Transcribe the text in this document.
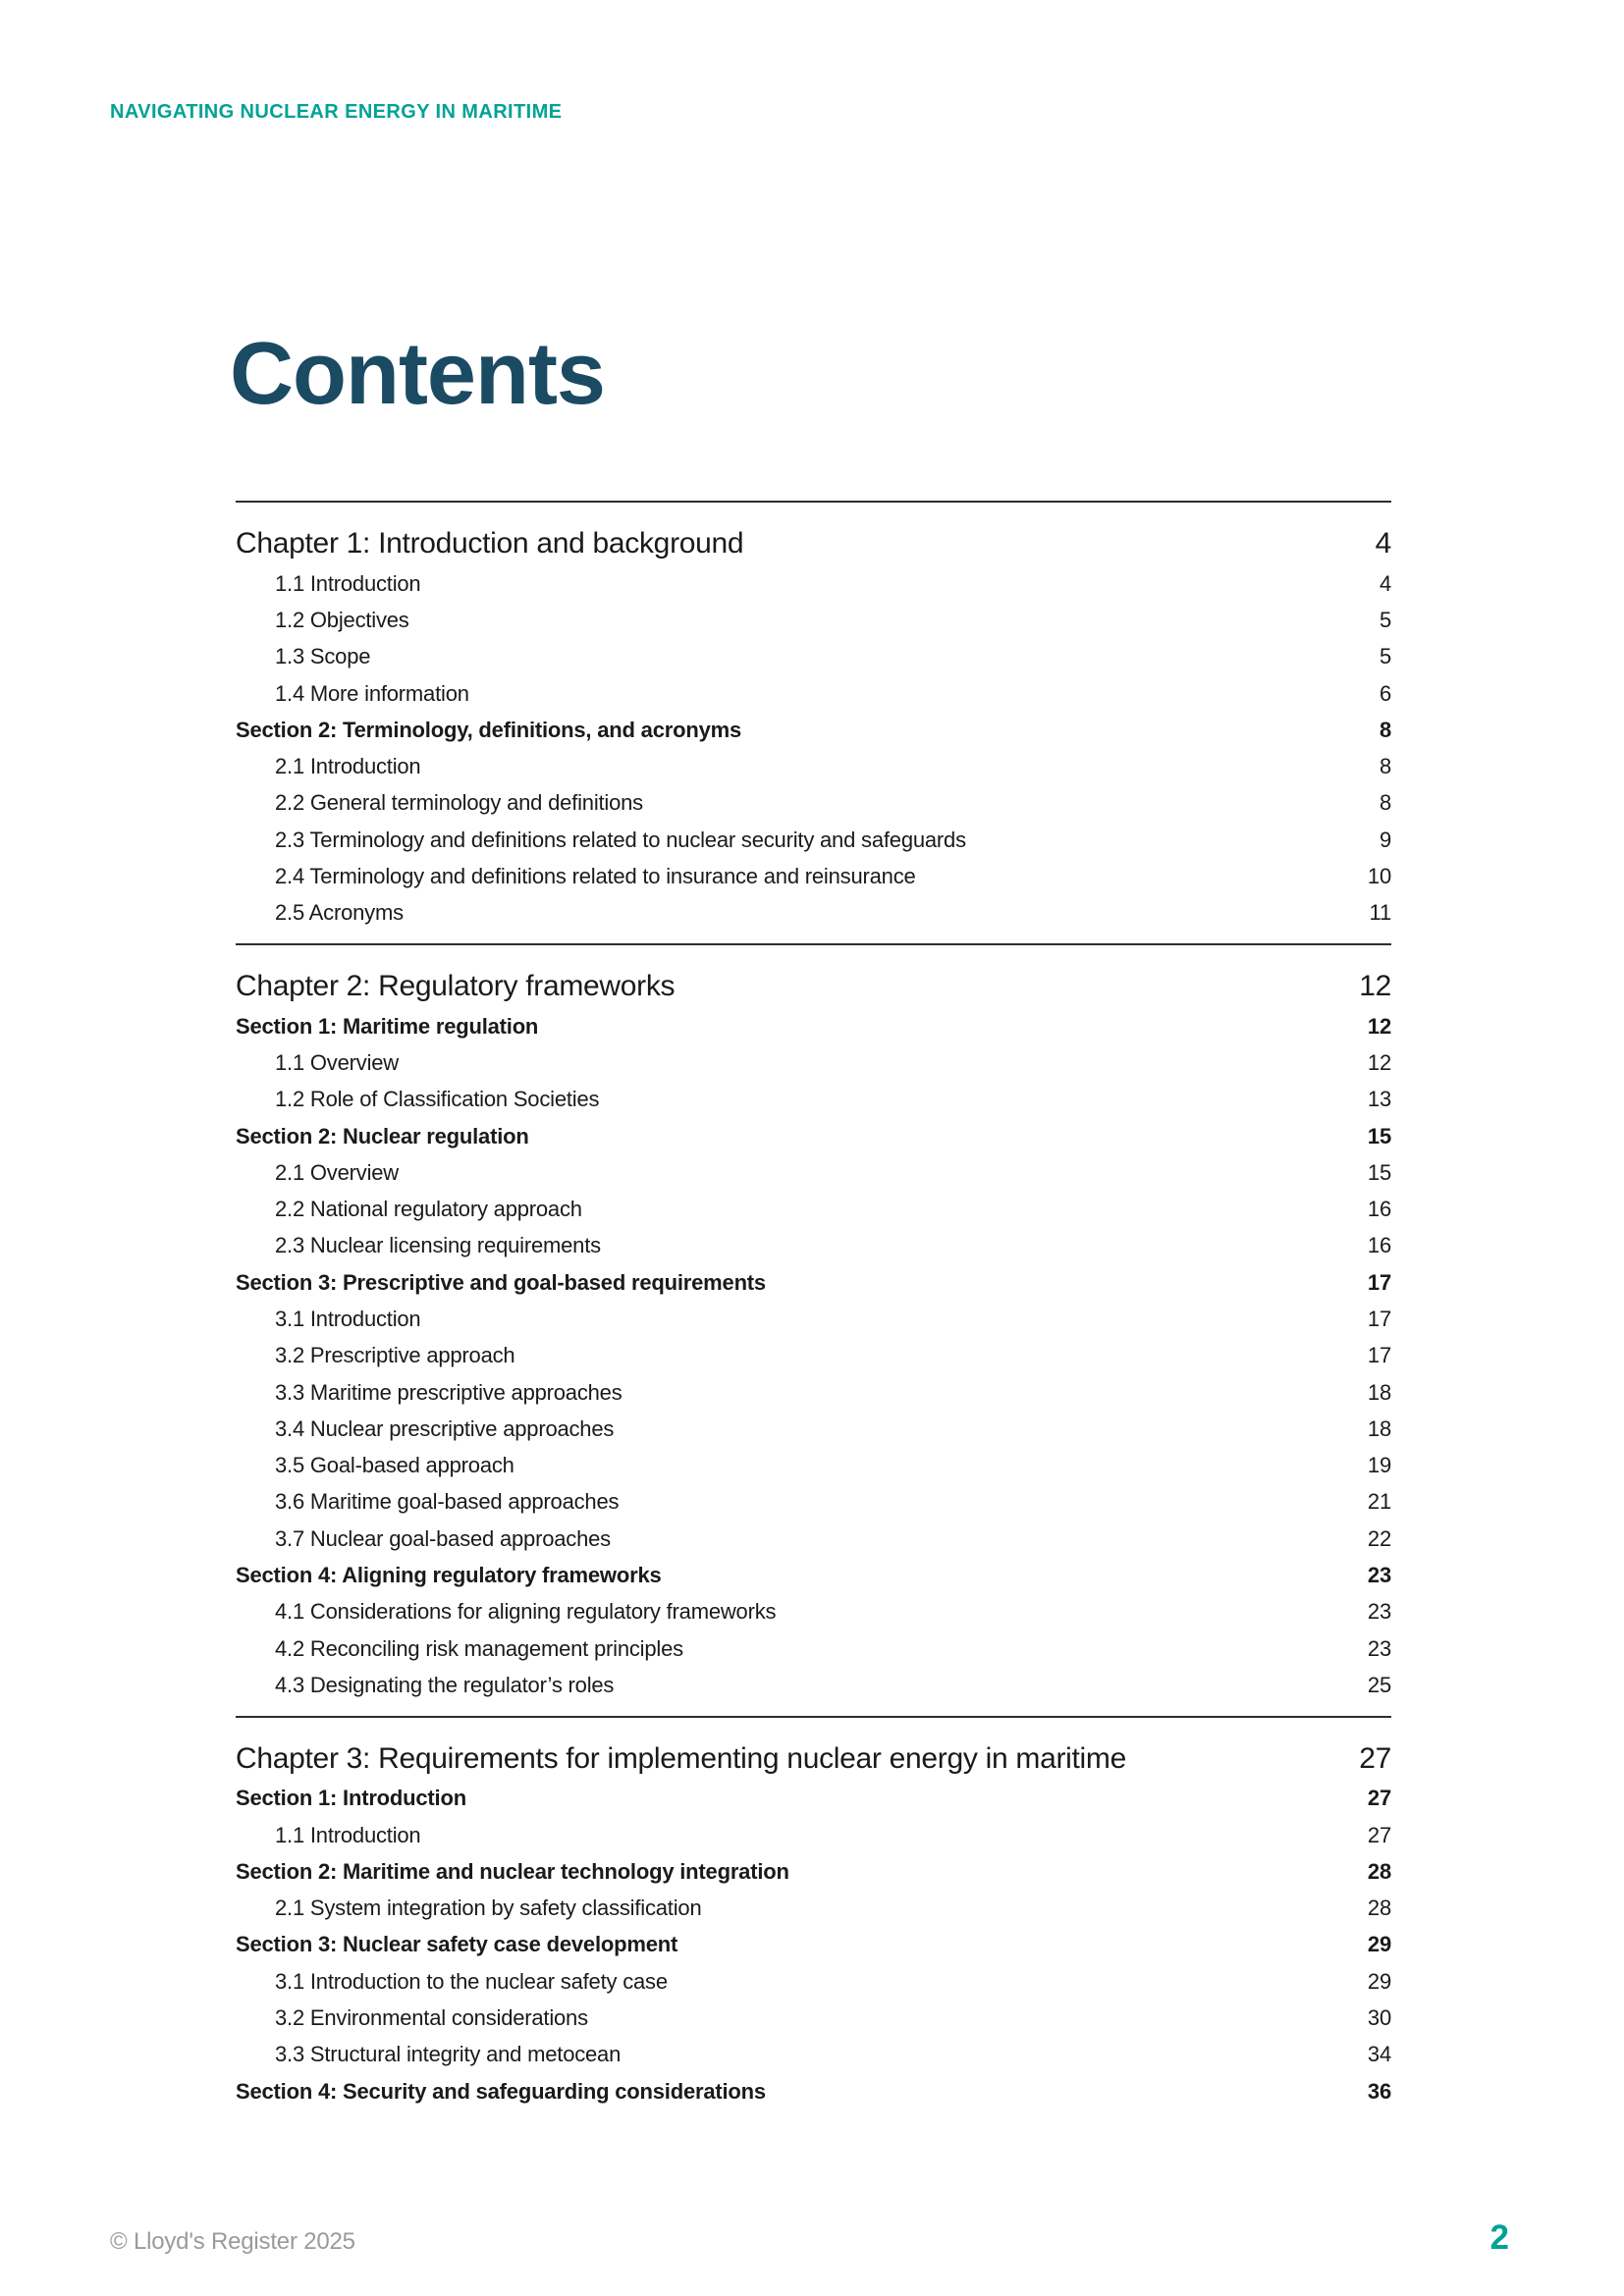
NAVIGATING NUCLEAR ENERGY IN MARITIME
Contents
Chapter 1: Introduction and background	4
1.1 Introduction	4
1.2 Objectives	5
1.3 Scope	5
1.4 More information	6
Section 2: Terminology, definitions, and acronyms	8
2.1 Introduction	8
2.2 General terminology and definitions	8
2.3 Terminology and definitions related to nuclear security and safeguards	9
2.4 Terminology and definitions related to insurance and reinsurance	10
2.5 Acronyms	11
Chapter 2: Regulatory frameworks	12
Section 1: Maritime regulation	12
1.1 Overview	12
1.2 Role of Classification Societies	13
Section 2: Nuclear regulation	15
2.1 Overview	15
2.2 National regulatory approach	16
2.3 Nuclear licensing requirements	16
Section 3: Prescriptive and goal-based requirements	17
3.1 Introduction	17
3.2 Prescriptive approach	17
3.3 Maritime prescriptive approaches	18
3.4 Nuclear prescriptive approaches	18
3.5 Goal-based approach	19
3.6 Maritime goal-based approaches	21
3.7 Nuclear goal-based approaches	22
Section 4: Aligning regulatory frameworks	23
4.1 Considerations for aligning regulatory frameworks	23
4.2 Reconciling risk management principles	23
4.3 Designating the regulator’s roles	25
Chapter 3: Requirements for implementing nuclear energy in maritime	27
Section 1: Introduction	27
1.1 Introduction	27
Section 2: Maritime and nuclear technology integration	28
2.1 System integration by safety classification	28
Section 3: Nuclear safety case development	29
3.1 Introduction to the nuclear safety case	29
3.2 Environmental considerations	30
3.3 Structural integrity and metocean	34
Section 4: Security and safeguarding considerations	36
© Lloyd's Register 2025	2
